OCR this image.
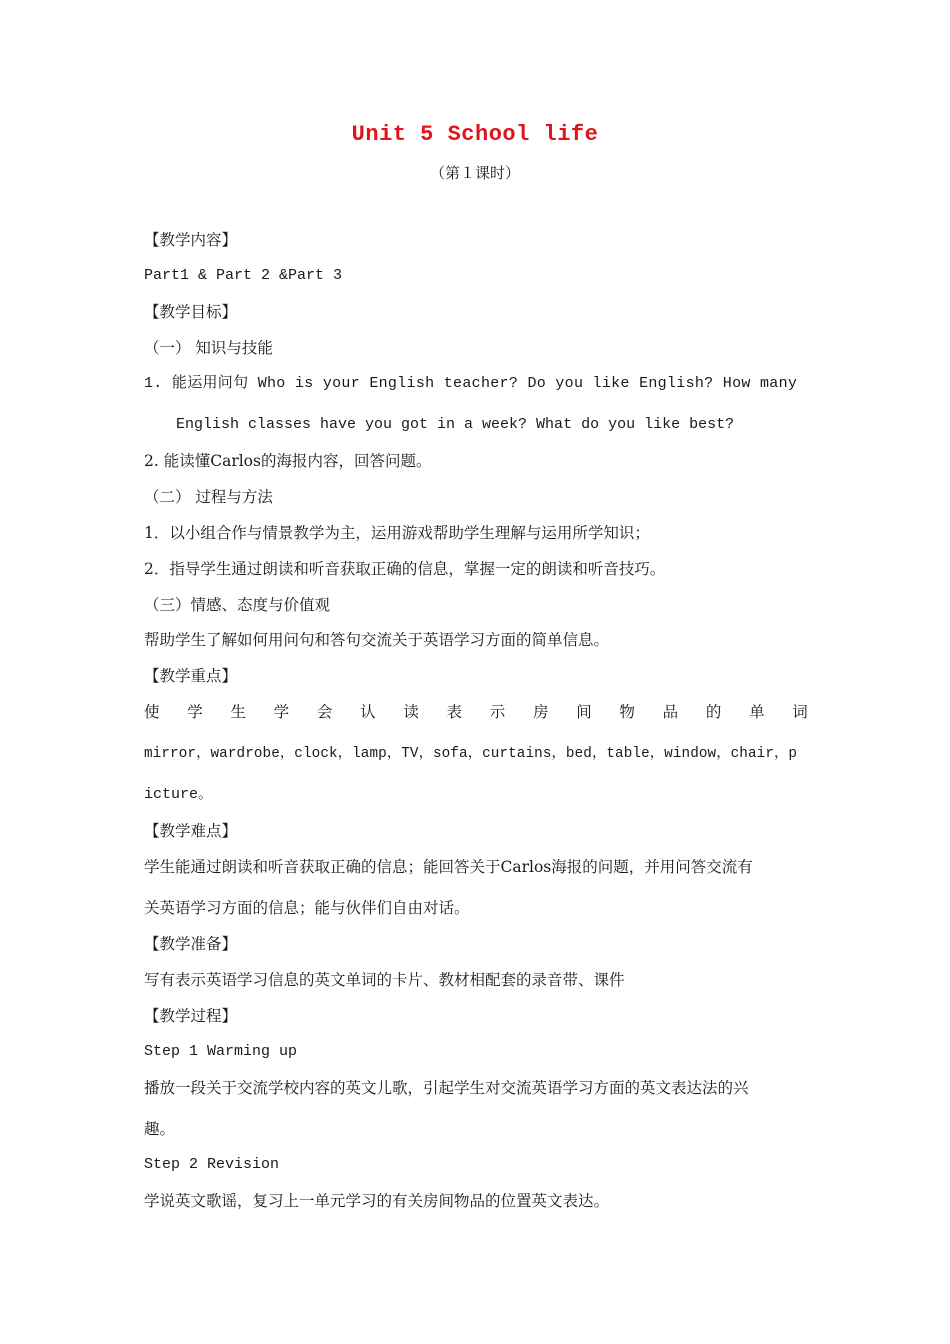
Unit 5 School life
（第１课时）
【教学内容】
Part1 & Part 2 &Part 3
【教学目标】
（一） 知识与技能
1. 能运用问句 Who is your English teacher? Do you like English? How many
English classes have you got in a week? What do you like best?
2. 能读懂Carlos的海报内容，回答问题。
（二） 过程与方法
1．以小组合作与情景教学为主，运用游戏帮助学生理解与运用所学知识；
2．指导学生通过朗读和听音获取正确的信息，掌握一定的朗读和听音技巧。
（三）情感、态度与价值观
帮助学生了解如何用问句和答句交流关于英语学习方面的简单信息。
【教学重点】
使 学 生 学 会 认 读 表 示 房 间 物 品 的 单 词
mirror，wardrobe，clock，lamp，TV，sofa，curtains，bed，table，window，chair，p
icture。
【教学难点】
学生能通过朗读和听音获取正确的信息；能回答关于Carlos海报的问题，并用问答交流有
关英语学习方面的信息；能与伙伴们自由对话。
【教学准备】
写有表示英语学习信息的英文单词的卡片、教材相配套的录音带、课件
【教学过程】
Step 1 Warming up
播放一段关于交流学校内容的英文儿歌，引起学生对交流英语学习方面的英文表达法的兴
趣。
Step 2 Revision
学说英文歌谣，复习上一单元学习的有关房间物品的位置英文表达。
